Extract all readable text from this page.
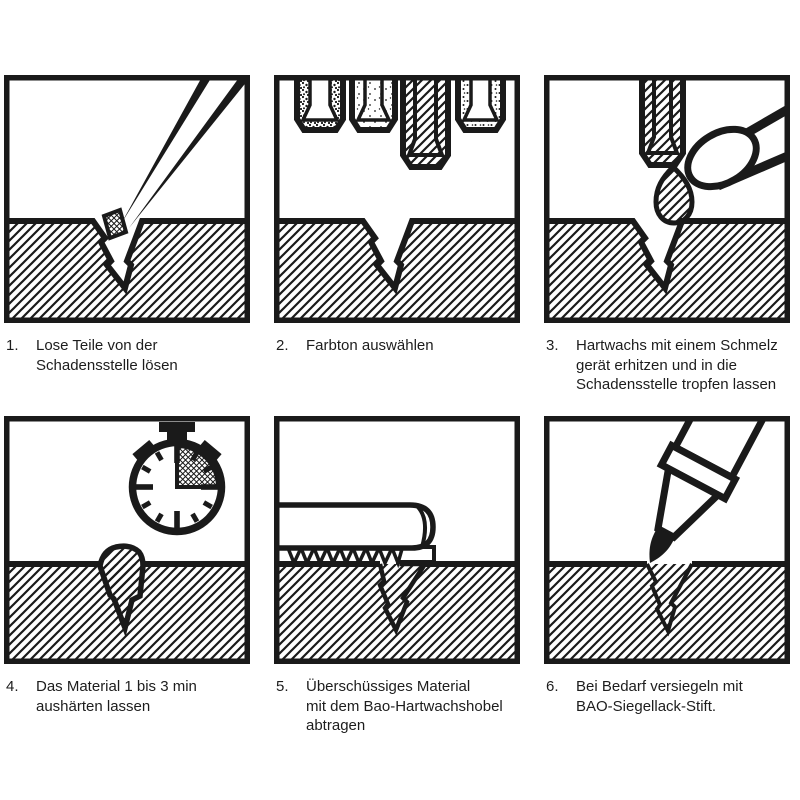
1.	Lose Teile von der
Schadensstelle lösen
2.	Farbton auswählen	3.	Hartwachs mit einem Schmelz
gerät erhitzen und in die
Schadensstelle tropfen lassen
4.	Das Material 1 bis 3 min
aushärten lassen
5.	Überschüssiges Material
mit dem Bao-Hartwachshobel
abtragen
6.	Bei Bedarf versiegeln mit
BAO-Siegellack-Stift.
